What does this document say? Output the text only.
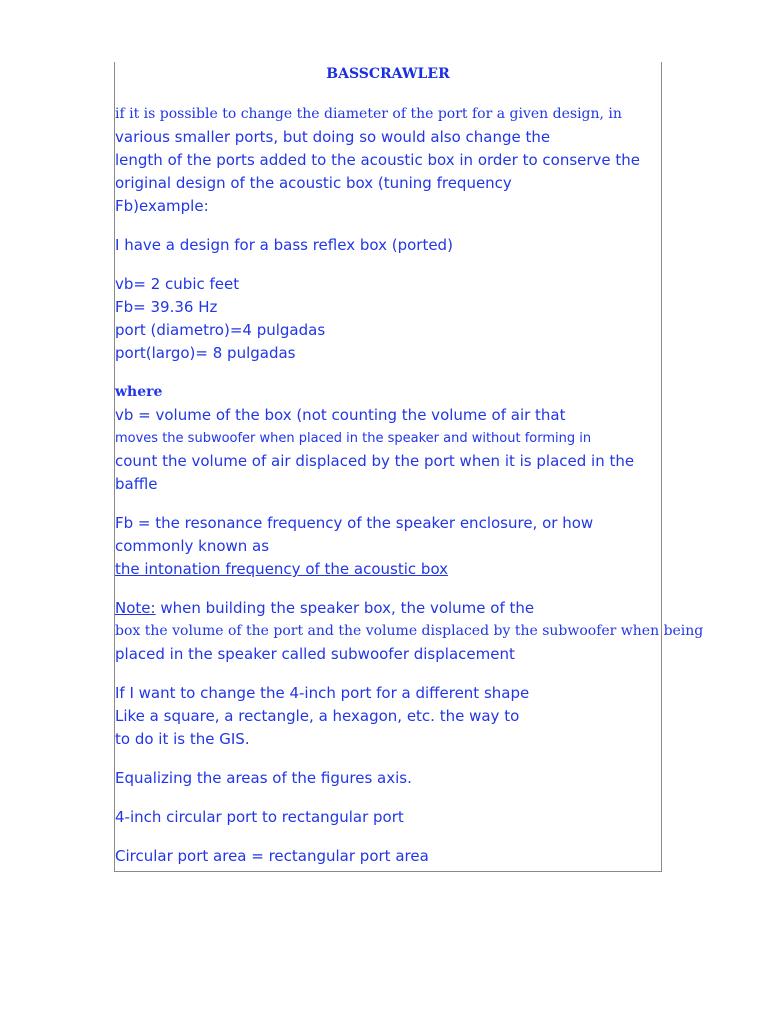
BASSCRAWLER

if it is possible to change the diameter of the port for a given design, in
various smaller ports, but doing so would also change the
length of the ports added to the acoustic box in order to conserve the
original design of the acoustic box (tuning frequency
Fb)example:

I have a design for a bass reflex box (ported)

vb= 2 cubic feet
Fb= 39.36 Hz
port (diametro)=4 pulgadas
port(largo)= 8 pulgadas

where
vb = volume of the box (not counting the volume of air that
moves the subwoofer when placed in the speaker and without forming in
count the volume of air displaced by the port when it is placed in the
baffle

Fb = the resonance frequency of the speaker enclosure, or how
commonly known as
the intonation frequency of the acoustic box

Note: when building the speaker box, the volume of the
box the volume of the port and the volume displaced by the subwoofer when being
placed in the speaker called subwoofer displacement

If I want to change the 4-inch port for a different shape
Like a square, a rectangle, a hexagon, etc. the way to
to do it is the GIS.

Equalizing the areas of the figures axis.

4-inch circular port to rectangular port

Circular port area = rectangular port area
